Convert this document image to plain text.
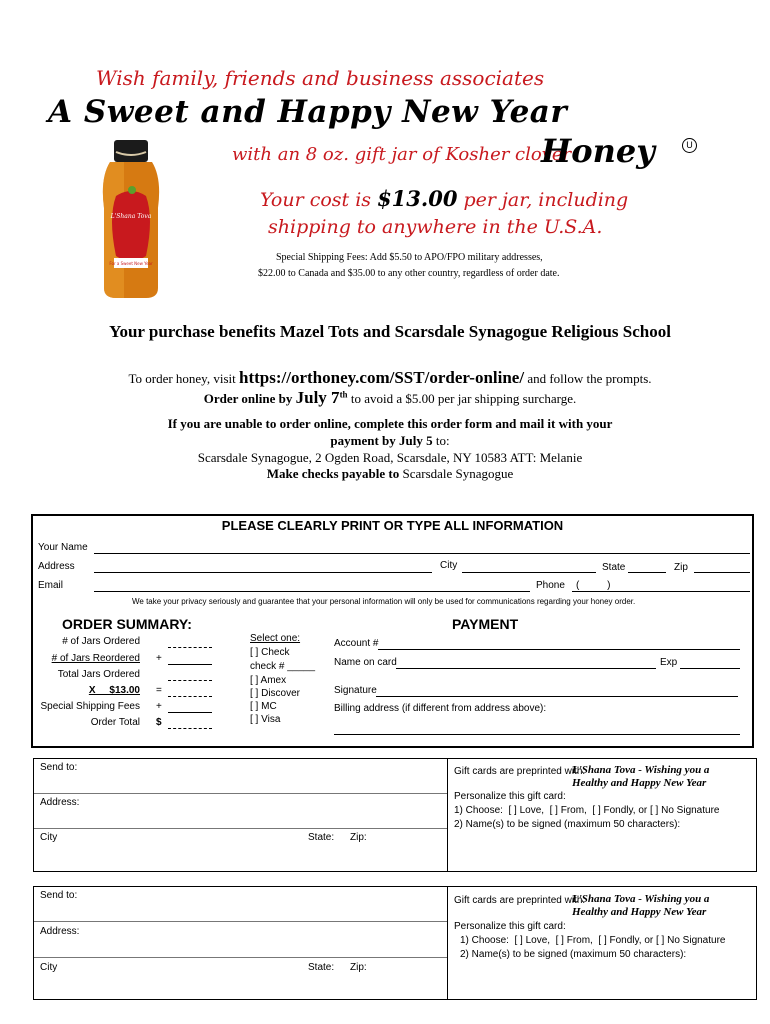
Wish family, friends and business associates
A Sweet and Happy New Year
with an 8 oz. gift jar of Kosher clover
Honey	U
L'Shana Tova
For a Sweet New Year
Your cost is $13.00 per jar, including
shipping to anywhere in the U.S.A.
Special Shipping Fees: Add $5.50 to APO/FPO military addresses,
$22.00 to Canada and $35.00 to any other country, regardless of order date.
Your purchase benefits Mazel Tots and Scarsdale Synagogue Religious School
To order honey, visit https://orthoney.com/SST/order-online/ and follow the prompts.
Order online by July 7th to avoid a $5.00 per jar shipping surcharge.
If you are unable to order online, complete this order form and mail it with your
payment by July 5 to:
Scarsdale Synagogue, 2 Ogden Road, Scarsdale, NY 10583 ATT: Melanie
Make checks payable to Scarsdale Synagogue
PLEASE CLEARLY PRINT OR TYPE ALL INFORMATION
Your Name
Address	City	State	Zip
Email	Phone (          )
We take your privacy seriously and guarantee that your personal information will only be used for communications regarding your honey order.
ORDER SUMMARY:
# of Jars Ordered
# of Jars Reordered +
Total Jars Ordered
X     $13.00 =
Special Shipping Fees +
Order Total $
PAYMENT
Select one:
[ ] Check
check # _____
[ ] Amex
[ ] Discover
[ ] MC
[ ] Visa
Account #
Name on card	Exp
Signature
Billing address (if different from address above):
Send to:
Address:
City	State: Zip:
Gift cards are preprinted with:
L'Shana Tova - Wishing you a
Healthy and Happy New Year
Personalize this gift card:
1) Choose:  [ ] Love,  [ ] From,  [ ] Fondly, or [ ] No Signature
2) Name(s) to be signed (maximum 50 characters):
Send to:
Address:
City	State: Zip:
Gift cards are preprinted with:
L'Shana Tova - Wishing you a
Healthy and Happy New Year
Personalize this gift card:
1) Choose:  [ ] Love,  [ ] From,  [ ] Fondly, or [ ] No Signature
2) Name(s) to be signed (maximum 50 characters):
